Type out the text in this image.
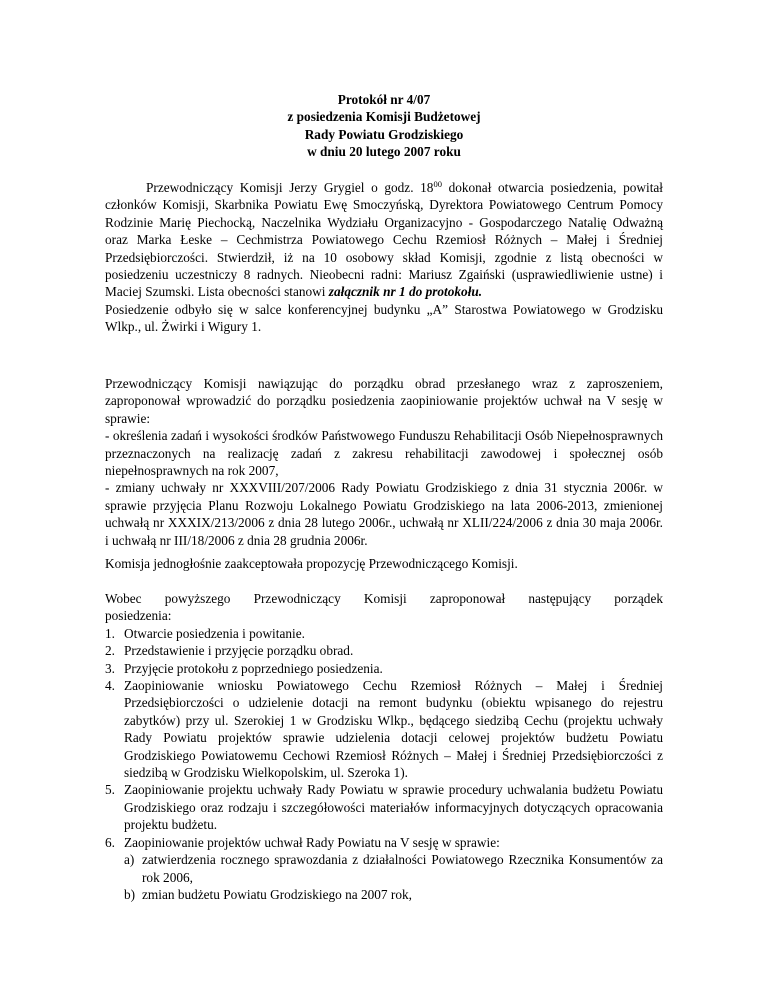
Protokół nr 4/07
z posiedzenia Komisji Budżetowej
Rady Powiatu Grodziskiego
w dniu 20 lutego 2007 roku

Przewodniczący Komisji Jerzy Grygiel o godz. $18^{00}$ dokonał otwarcia posiedzenia, powitał członków Komisji, Skarbnika Powiatu Ewę Smoczyńską, Dyrektora Powiatowego Centrum Pomocy Rodzinie Marię Piechocką, Naczelnika Wydziału Organizacyjno - Gospodarczego Natalię Odważną oraz Marka Łeske – Cechmistrza Powiatowego Cechu Rzemiosł Różnych – Małej i Średniej Przedsiębiorczości. Stwierdził, iż na 10 osobowy skład Komisji, zgodnie z listą obecności w posiedzeniu uczestniczy 8 radnych. Nieobecni radni: Mariusz Zgaiński (usprawiedliwienie ustne) i Maciej Szumski. Lista obecności stanowi załącznik nr 1 do protokołu.

Posiedzenie odbyło się w salce konferencyjnej budynku „A” Starostwa Powiatowego w Grodzisku Wlkp., ul. Żwirki i Wigury 1.

Przewodniczący Komisji nawiązując do porządku obrad przesłanego wraz z zaproszeniem, zaproponował wprowadzić do porządku posiedzenia zaopiniowanie projektów uchwał na V sesję w sprawie:

- określenia zadań i wysokości środków Państwowego Funduszu Rehabilitacji Osób Niepełnosprawnych przeznaczonych na realizację zadań z zakresu rehabilitacji zawodowej i społecznej osób niepełnosprawnych na rok 2007,

- zmiany uchwały nr XXXVIII/207/2006 Rady Powiatu Grodziskiego z dnia 31 stycznia 2006r. w sprawie przyjęcia Planu Rozwoju Lokalnego Powiatu Grodziskiego na lata 2006-2013, zmienionej uchwałą nr XXXIX/213/2006 z dnia 28 lutego 2006r., uchwałą nr XLII/224/2006 z dnia 30 maja 2006r. i uchwałą nr III/18/2006 z dnia 28 grudnia 2006r.

Komisja jednogłośnie zaakceptowała propozycję Przewodniczącego Komisji.

Wobec powyższego Przewodniczący Komisji zaproponował następujący porządek

posiedzenia:

1. Otwarcie posiedzenia i powitanie.
2. Przedstawienie i przyjęcie porządku obrad.
3. Przyjęcie protokołu z poprzedniego posiedzenia.
4. Zaopiniowanie wniosku Powiatowego Cechu Rzemiosł Różnych – Małej i Średniej Przedsiębiorczości o udzielenie dotacji na remont budynku (obiektu wpisanego do rejestru zabytków) przy ul. Szerokiej 1 w Grodzisku Wlkp., będącego siedzibą Cechu (projektu uchwały Rady Powiatu projektów sprawie udzielenia dotacji celowej projektów budżetu Powiatu Grodziskiego Powiatowemu Cechowi Rzemiosł Różnych – Małej i Średniej Przedsiębiorczości z siedzibą w Grodzisku Wielkopolskim, ul. Szeroka 1).
5. Zaopiniowanie projektu uchwały Rady Powiatu w sprawie procedury uchwalania budżetu Powiatu Grodziskiego oraz rodzaju i szczegółowości materiałów informacyjnych dotyczących opracowania projektu budżetu.
6. Zaopiniowanie projektów uchwał Rady Powiatu na V sesję w sprawie:
a) zatwierdzenia rocznego sprawozdania z działalności Powiatowego Rzecznika Konsumentów za rok 2006,
b) zmian budżetu Powiatu Grodziskiego na 2007 rok,
